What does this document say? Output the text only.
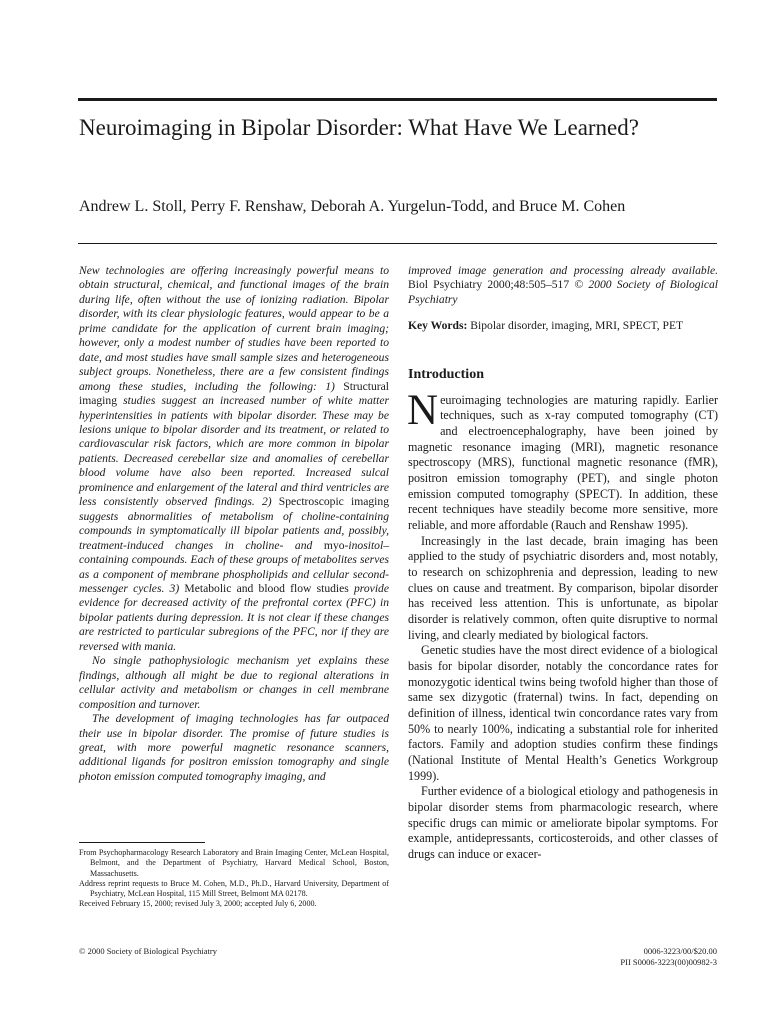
Neuroimaging in Bipolar Disorder: What Have We Learned?

Andrew L. Stoll, Perry F. Renshaw, Deborah A. Yurgelun-Todd, and Bruce M. Cohen

New technologies are offering increasingly powerful means to obtain structural, chemical, and functional images of the brain during life, often without the use of ionizing radiation. Bipolar disorder, with its clear physiologic features, would appear to be a prime candidate for the application of current brain imaging; however, only a modest number of studies have been reported to date, and most studies have small sample sizes and heterogeneous subject groups. Nonetheless, there are a few consistent findings among these studies, including the following: 1) Structural imaging studies suggest an increased number of white matter hyperintensities in patients with bipolar disorder. These may be lesions unique to bipolar disorder and its treatment, or related to cardiovascular risk factors, which are more common in bipolar patients. Decreased cerebellar size and anomalies of cerebellar blood volume have also been reported. Increased sulcal prominence and enlargement of the lateral and third ventricles are less consistently observed findings. 2) Spectroscopic imaging suggests abnormalities of metabolism of choline-containing compounds in symptomatically ill bipolar patients and, possibly, treatment-induced changes in choline- and myo-inositol–containing compounds. Each of these groups of metabolites serves as a component of membrane phospholipids and cellular second-messenger cycles. 3) Metabolic and blood flow studies provide evidence for decreased activity of the prefrontal cortex (PFC) in bipolar patients during depression. It is not clear if these changes are restricted to particular subregions of the PFC, nor if they are reversed with mania.

No single pathophysiologic mechanism yet explains these findings, although all might be due to regional alterations in cellular activity and metabolism or changes in cell membrane composition and turnover.

The development of imaging technologies has far outpaced their use in bipolar disorder. The promise of future studies is great, with more powerful magnetic resonance scanners, additional ligands for positron emission tomography and single photon emission computed tomography imaging, and

improved image generation and processing already available. Biol Psychiatry 2000;48:505–517 © 2000 Society of Biological Psychiatry

Key Words: Bipolar disorder, imaging, MRI, SPECT, PET

Introduction

Neuroimaging technologies are maturing rapidly. Earlier techniques, such as x-ray computed tomography (CT) and electroencephalography, have been joined by magnetic resonance imaging (MRI), magnetic resonance spectroscopy (MRS), functional magnetic resonance (fMR), positron emission tomography (PET), and single photon emission computed tomography (SPECT). In addition, these recent techniques have steadily become more sensitive, more reliable, and more affordable (Rauch and Renshaw 1995).

Increasingly in the last decade, brain imaging has been applied to the study of psychiatric disorders and, most notably, to research on schizophrenia and depression, leading to new clues on cause and treatment. By comparison, bipolar disorder has received less attention. This is unfortunate, as bipolar disorder is relatively common, often quite disruptive to normal living, and clearly mediated by biological factors.

Genetic studies have the most direct evidence of a biological basis for bipolar disorder, notably the concordance rates for monozygotic identical twins being twofold higher than those of same sex dizygotic (fraternal) twins. In fact, depending on definition of illness, identical twin concordance rates vary from 50% to nearly 100%, indicating a substantial role for inherited factors. Family and adoption studies confirm these findings (National Institute of Mental Health’s Genetics Workgroup 1999).

Further evidence of a biological etiology and pathogenesis in bipolar disorder stems from pharmacologic research, where specific drugs can mimic or ameliorate bipolar symptoms. For example, antidepressants, corticosteroids, and other classes of drugs can induce or exacer-

From Psychopharmacology Research Laboratory and Brain Imaging Center, McLean Hospital, Belmont, and the Department of Psychiatry, Harvard Medical School, Boston, Massachusetts.

Address reprint requests to Bruce M. Cohen, M.D., Ph.D., Harvard University, Department of Psychiatry, McLean Hospital, 115 Mill Street, Belmont MA 02178.

Received February 15, 2000; revised July 3, 2000; accepted July 6, 2000.

© 2000 Society of Biological Psychiatry	0006-3223/00/$20.00
PII S0006-3223(00)00982-3
